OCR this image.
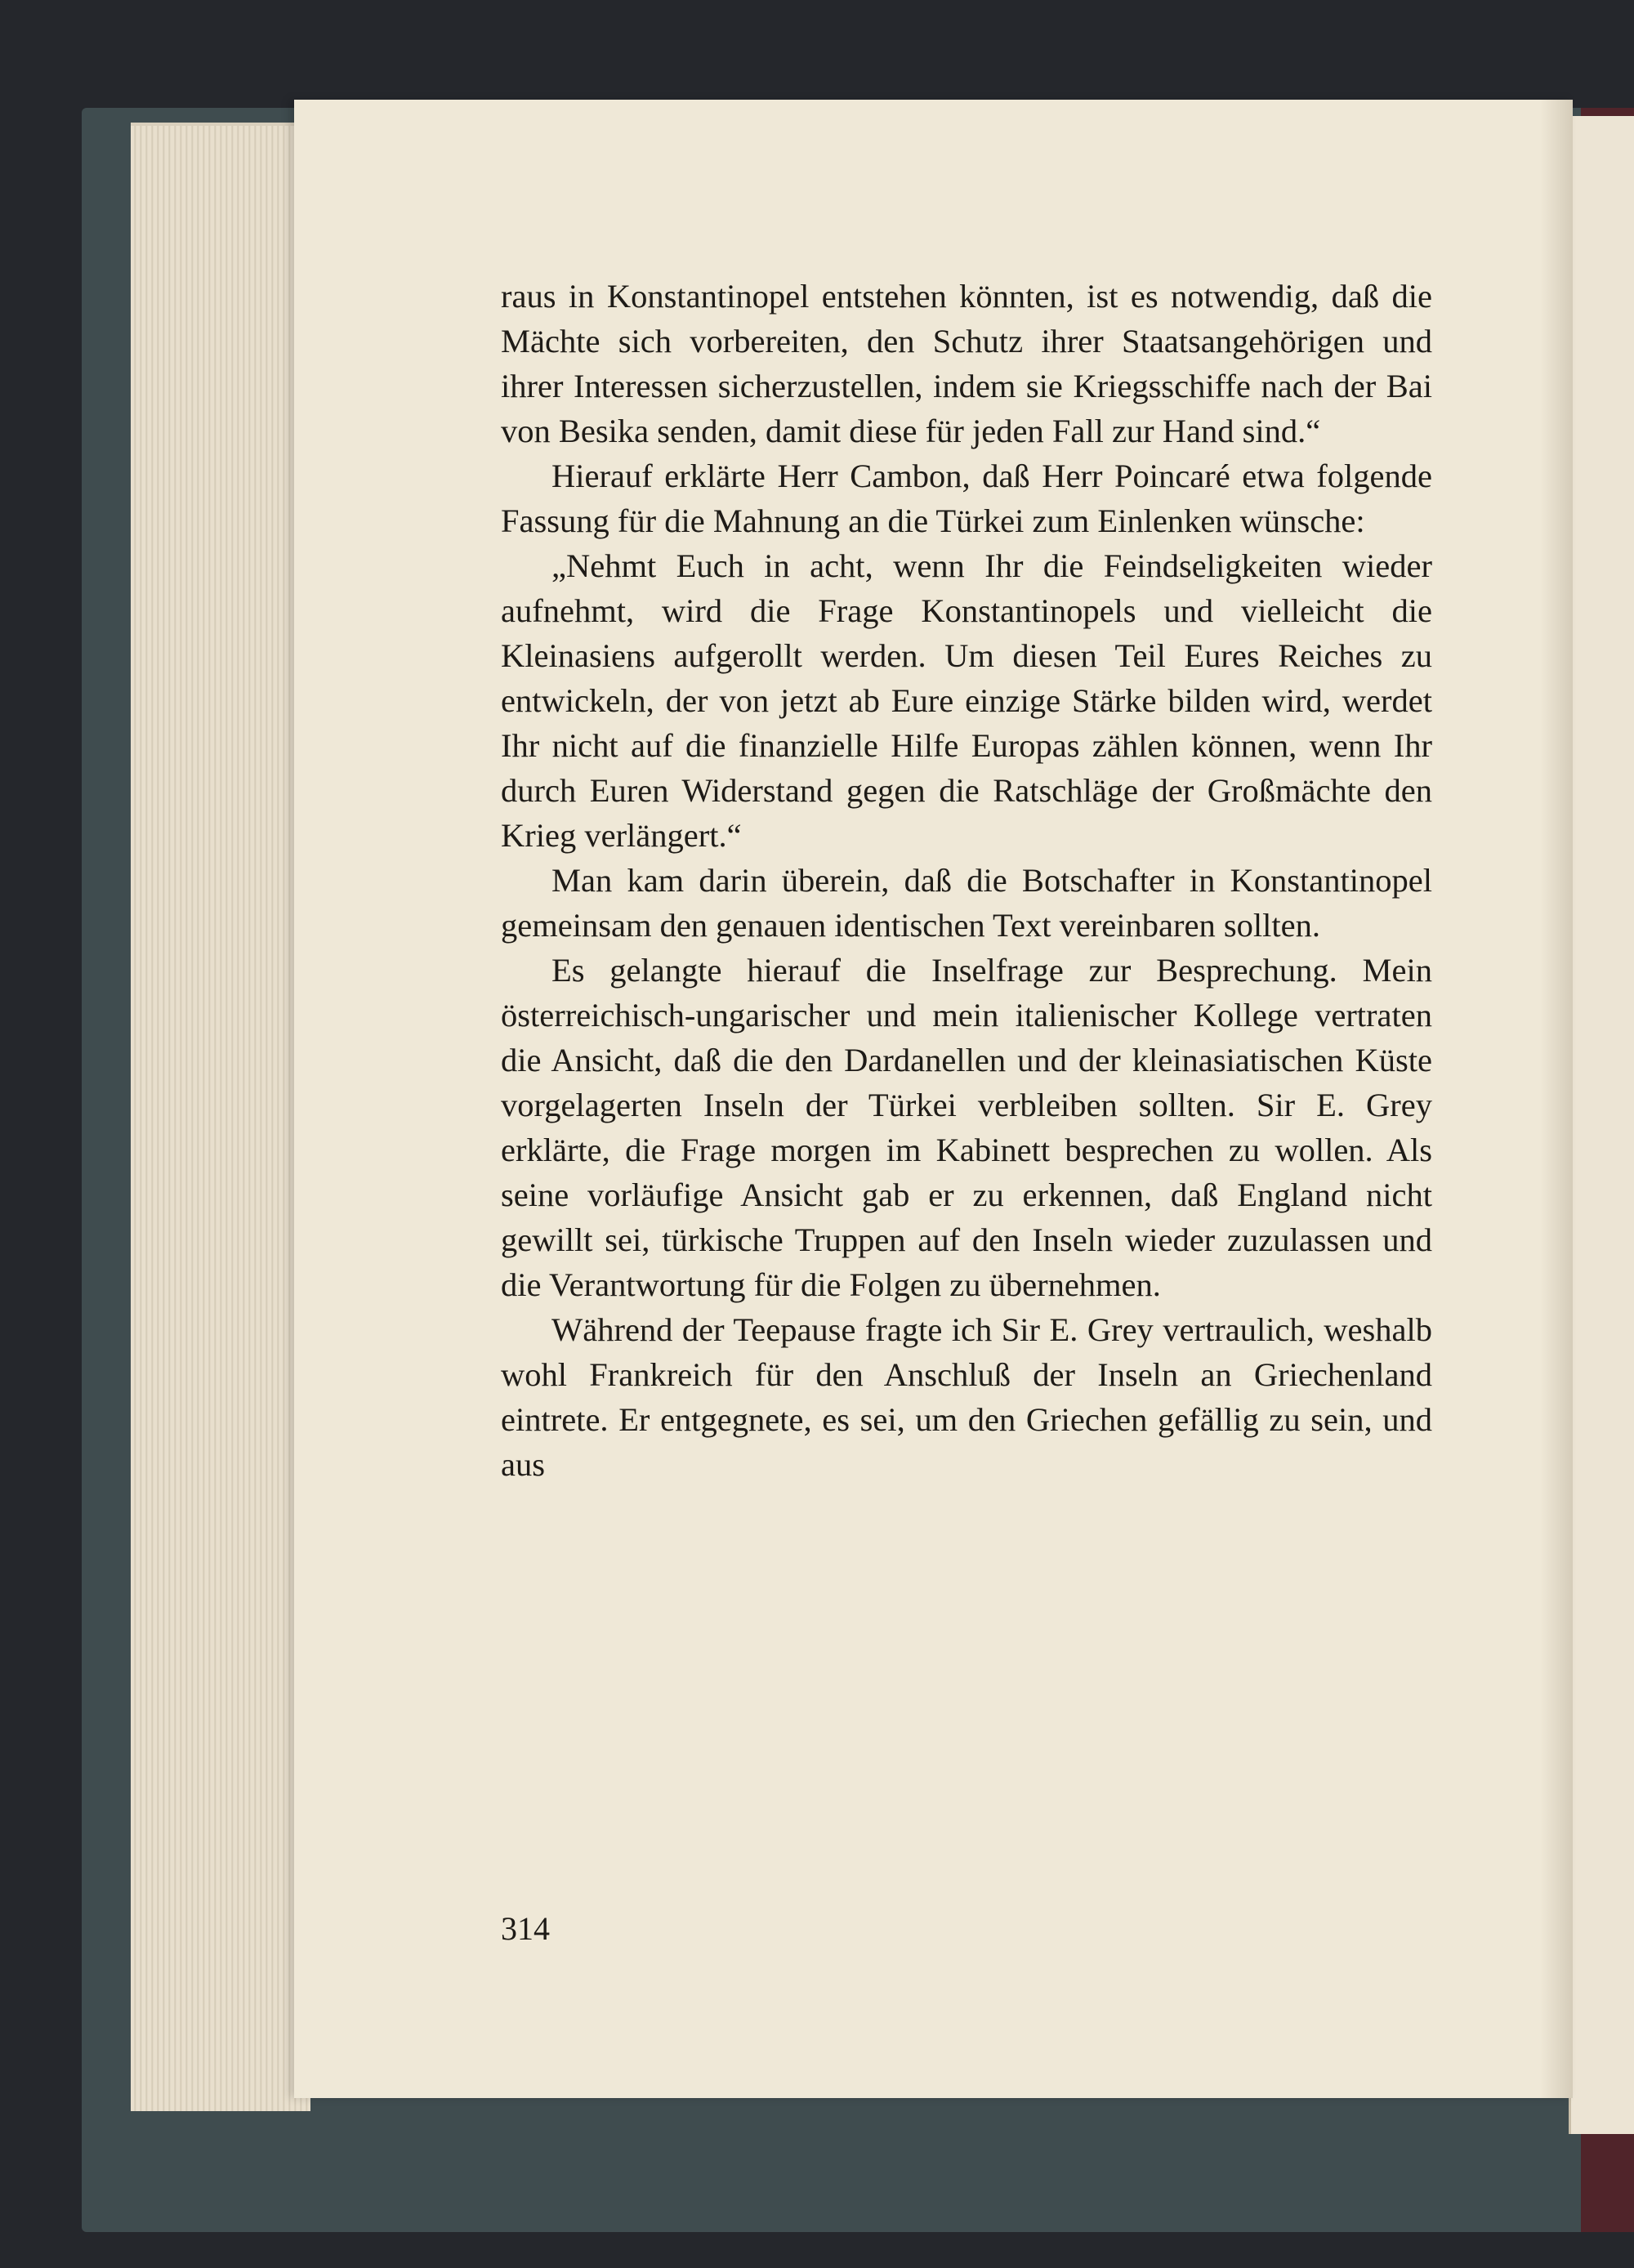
raus in Konstantinopel entstehen könnten, ist es notwendig, daß die Mächte sich vorbereiten, den Schutz ihrer Staatsangehörigen und ihrer Interessen sicherzustellen, indem sie Kriegsschiffe nach der Bai von Besika senden, damit diese für jeden Fall zur Hand sind.“

Hierauf erklärte Herr Cambon, daß Herr Poincaré etwa folgende Fassung für die Mahnung an die Türkei zum Einlenken wünsche:

„Nehmt Euch in acht, wenn Ihr die Feindseligkeiten wieder aufnehmt, wird die Frage Konstantinopels und vielleicht die Kleinasiens aufgerollt werden. Um diesen Teil Eures Reiches zu entwickeln, der von jetzt ab Eure einzige Stärke bilden wird, werdet Ihr nicht auf die finanzielle Hilfe Europas zählen können, wenn Ihr durch Euren Widerstand gegen die Ratschläge der Großmächte den Krieg verlängert.“

Man kam darin überein, daß die Botschafter in Konstantinopel gemeinsam den genauen identischen Text vereinbaren sollten.

Es gelangte hierauf die Inselfrage zur Besprechung. Mein österreichisch-ungarischer und mein italienischer Kollege vertraten die Ansicht, daß die den Dardanellen und der kleinasiatischen Küste vorgelagerten Inseln der Türkei verbleiben sollten. Sir E. Grey erklärte, die Frage morgen im Kabinett besprechen zu wollen. Als seine vorläufige Ansicht gab er zu erkennen, daß England nicht gewillt sei, türkische Truppen auf den Inseln wieder zuzulassen und die Verantwortung für die Folgen zu übernehmen.

Während der Teepause fragte ich Sir E. Grey vertraulich, weshalb wohl Frankreich für den Anschluß der Inseln an Griechenland eintrete. Er entgegnete, es sei, um den Griechen gefällig zu sein, und aus

314
